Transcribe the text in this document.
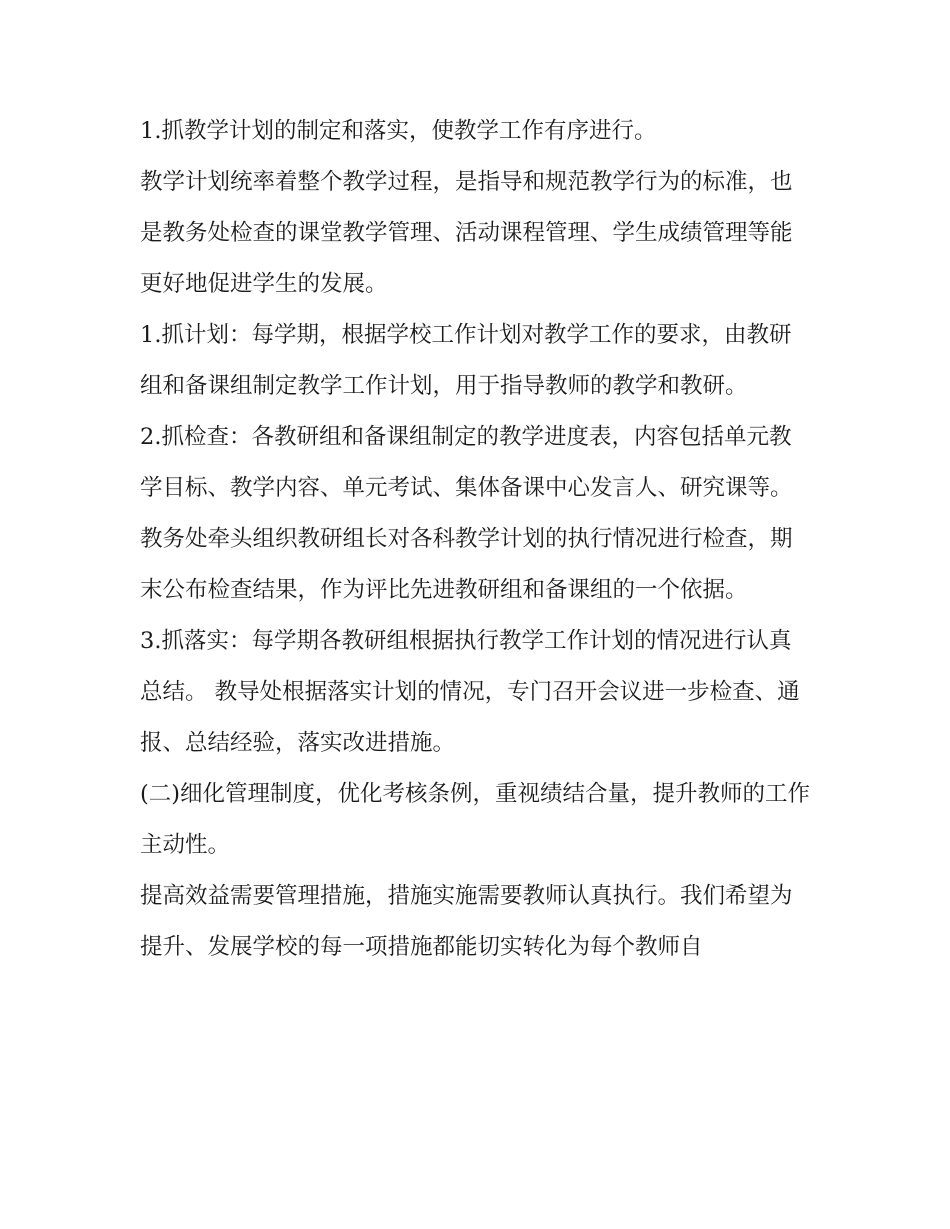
1.抓教学计划的制定和落实，使教学工作有序进行。

教学计划统率着整个教学过程，是指导和规范教学行为的标准，也是教务处检查的课堂教学管理、活动课程管理、学生成绩管理等能更好地促进学生的发展。

1.抓计划：每学期，根据学校工作计划对教学工作的要求，由教研组和备课组制定教学工作计划，用于指导教师的教学和教研。

2.抓检查：各教研组和备课组制定的教学进度表，内容包括单元教学目标、教学内容、单元考试、集体备课中心发言人、研究课等。

教务处牵头组织教研组长对各科教学计划的执行情况进行检查，期末公布检查结果，作为评比先进教研组和备课组的一个依据。

3.抓落实：每学期各教研组根据执行教学工作计划的情况进行认真总结。 教导处根据落实计划的情况，专门召开会议进一步检查、通报、总结经验，落实改进措施。

(二)细化管理制度，优化考核条例，重视绩结合量，提升教师的工作主动性。

提高效益需要管理措施，措施实施需要教师认真执行。我们希望为提升、发展学校的每一项措施都能切实转化为每个教师自
